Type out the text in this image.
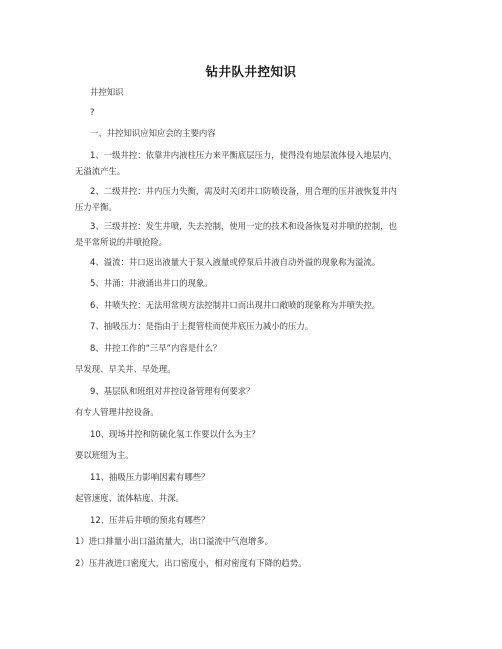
钻井队井控知识
井控知识
?
一、井控知识应知应会的主要内容
1、一级井控：依靠井内液柱压力来平衡底层压力，使得没有地层流体侵入地层内，
无溢流产生。
2、二级井控：井内压力失衡，需及时关闭井口防喷设备，用合理的压井液恢复井内
压力平衡。
3、三级井控：发生井喷，失去控制，使用一定的技术和设备恢复对井喷的控制，也
是平常所说的井喷抢险。
4、溢流：井口返出液量大于泵入液量或停泵后井液自动外溢的现象称为溢流。
5、井涌：井液涌出井口的现象。
6、井喷失控：无法用常规方法控制井口而出现井口敞喷的现象称为井喷失控。
7、抽吸压力：是指由于上提管柱而使井底压力减小的压力。
8、井控工作的“三早”内容是什么？
早发现、早关井、早处理。
9、基层队和班组对井控设备管理有何要求？
有专人管理井控设备。
10、现场井控和防硫化氢工作要以什么为主？
要以班组为主。
11、抽吸压力影响因素有哪些？
起管速度、流体粘度、井深。
12、压井后井喷的预兆有哪些？
1）进口排量小出口溢流量大，出口溢流中气泡增多。
2）压井液进口密度大，出口密度小，相对密度有下降的趋势。
